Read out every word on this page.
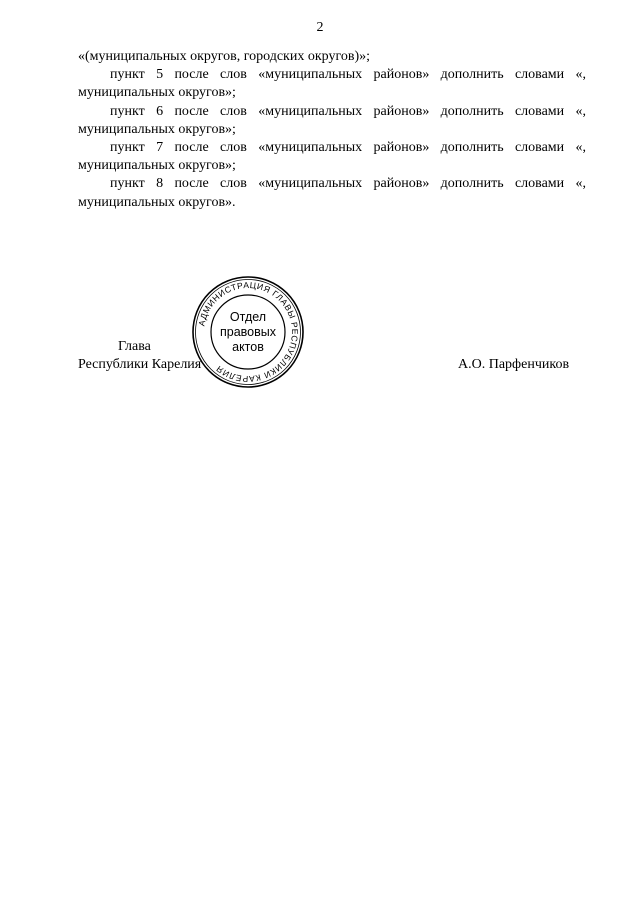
2

«(муниципальных округов, городских округов)»;

пункт 5 после слов «муниципальных районов» дополнить словами «, муниципальных округов»;

пункт 6 после слов «муниципальных районов» дополнить словами «, муниципальных округов»;

пункт 7 после слов «муниципальных районов» дополнить словами «, муниципальных округов»;

пункт 8 после слов «муниципальных районов» дополнить словами «, муниципальных округов».

Глава
Республики Карелия	А.О. Парфенчиков
АДМИНИСТРАЦИЯ ГЛАВЫ РЕСПУБЛИКИ КАРЕЛИЯ
Отдел
правовых
актов
